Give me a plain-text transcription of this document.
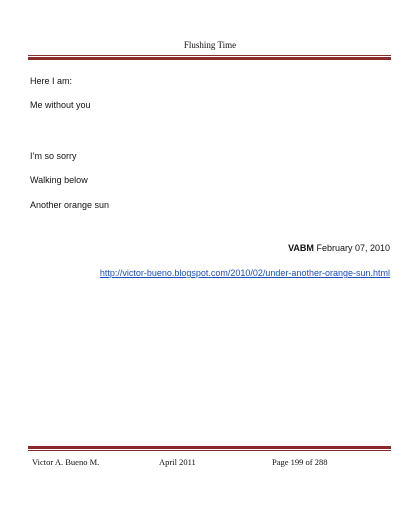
Flushing Time
Here I am:
Me without you
I’m so sorry
Walking below
Another orange sun
VABM February 07, 2010
http://victor-bueno.blogspot.com/2010/02/under-another-orange-sun.html
Victor A. Bueno M.	April 2011	Page 199 of 288
